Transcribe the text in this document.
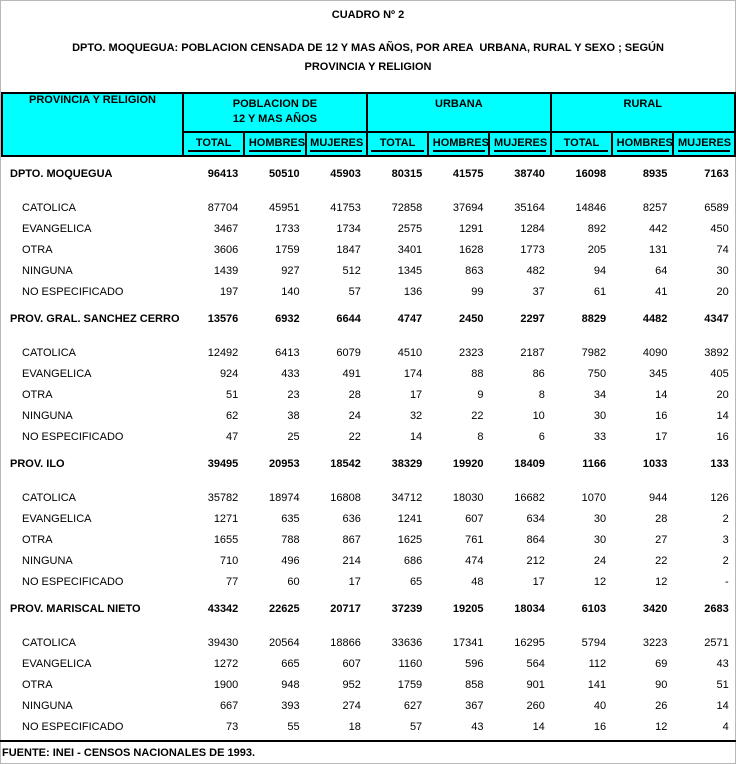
CUADRO Nº 2
DPTO. MOQUEGUA: POBLACION CENSADA DE 12 Y MAS AÑOS, POR AREA  URBANA, RURAL Y SEXO ; SEGÚN
PROVINCIA Y RELIGION
PROVINCIA Y RELIGION	POBLACION DE
12 Y MAS AÑOS			URBANA			RURAL		

	TOTAL	HOMBRES	MUJERES	TOTAL	HOMBRES	MUJERES	TOTAL	HOMBRES	MUJERES
DPTO. MOQUEGUA	96413	50510	45903	80315	41575	38740	16098	8935	7163
CATOLICA	87704	45951	41753	72858	37694	35164	14846	8257	6589
EVANGELICA	3467	1733	1734	2575	1291	1284	892	442	450
OTRA	3606	1759	1847	3401	1628	1773	205	131	74
NINGUNA	1439	927	512	1345	863	482	94	64	30
NO ESPECIFICADO	197	140	57	136	99	37	61	41	20
PROV. GRAL. SANCHEZ CERRO	13576	6932	6644	4747	2450	2297	8829	4482	4347
CATOLICA	12492	6413	6079	4510	2323	2187	7982	4090	3892
EVANGELICA	924	433	491	174	88	86	750	345	405
OTRA	51	23	28	17	9	8	34	14	20
NINGUNA	62	38	24	32	22	10	30	16	14
NO ESPECIFICADO	47	25	22	14	8	6	33	17	16
PROV. ILO	39495	20953	18542	38329	19920	18409	1166	1033	133
CATOLICA	35782	18974	16808	34712	18030	16682	1070	944	126
EVANGELICA	1271	635	636	1241	607	634	30	28	2
OTRA	1655	788	867	1625	761	864	30	27	3
NINGUNA	710	496	214	686	474	212	24	22	2
NO ESPECIFICADO	77	60	17	65	48	17	12	12	-
PROV. MARISCAL NIETO	43342	22625	20717	37239	19205	18034	6103	3420	2683
CATOLICA	39430	20564	18866	33636	17341	16295	5794	3223	2571
EVANGELICA	1272	665	607	1160	596	564	112	69	43
OTRA	1900	948	952	1759	858	901	141	90	51
NINGUNA	667	393	274	627	367	260	40	26	14
NO ESPECIFICADO	73	55	18	57	43	14	16	12	4
FUENTE: INEI - CENSOS NACIONALES DE 1993.
